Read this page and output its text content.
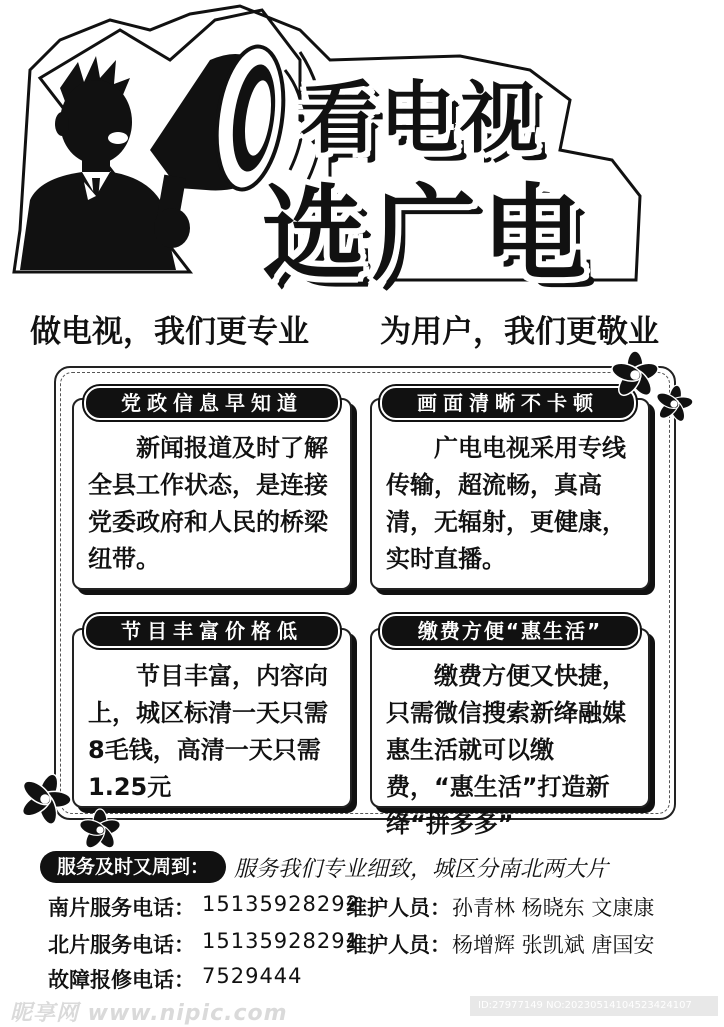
看电视
选广电
做电视，我们更专业 为用户，我们更敬业
新闻报道及时了解全县工作状态，是连接党委政府和人民的桥梁纽带。
党政信息早知道
广电电视采用专线传输，超流畅，真高清，无辐射，更健康，实时直播。
画面清晰不卡顿
节目丰富，内容向上，城区标清一天只需8毛钱，高清一天只需1.25元
节目丰富价格低
缴费方便又快捷，只需微信搜索新绛融媒惠生活就可以缴费，“惠生活”打造新绛“拼多多”
缴费方便“惠生活”
服务及时又周到：	服务我们专业细致，城区分南北两大片
南片服务电话： 15135928292
维护人员： 孙青林 杨晓东 文康康
北片服务电话： 15135928291
维护人员： 杨增辉 张凯斌 唐国安
故障报修电话： 7529444
昵享网 www.nipic.com	ID:27977149 NO:20230514104523424107
